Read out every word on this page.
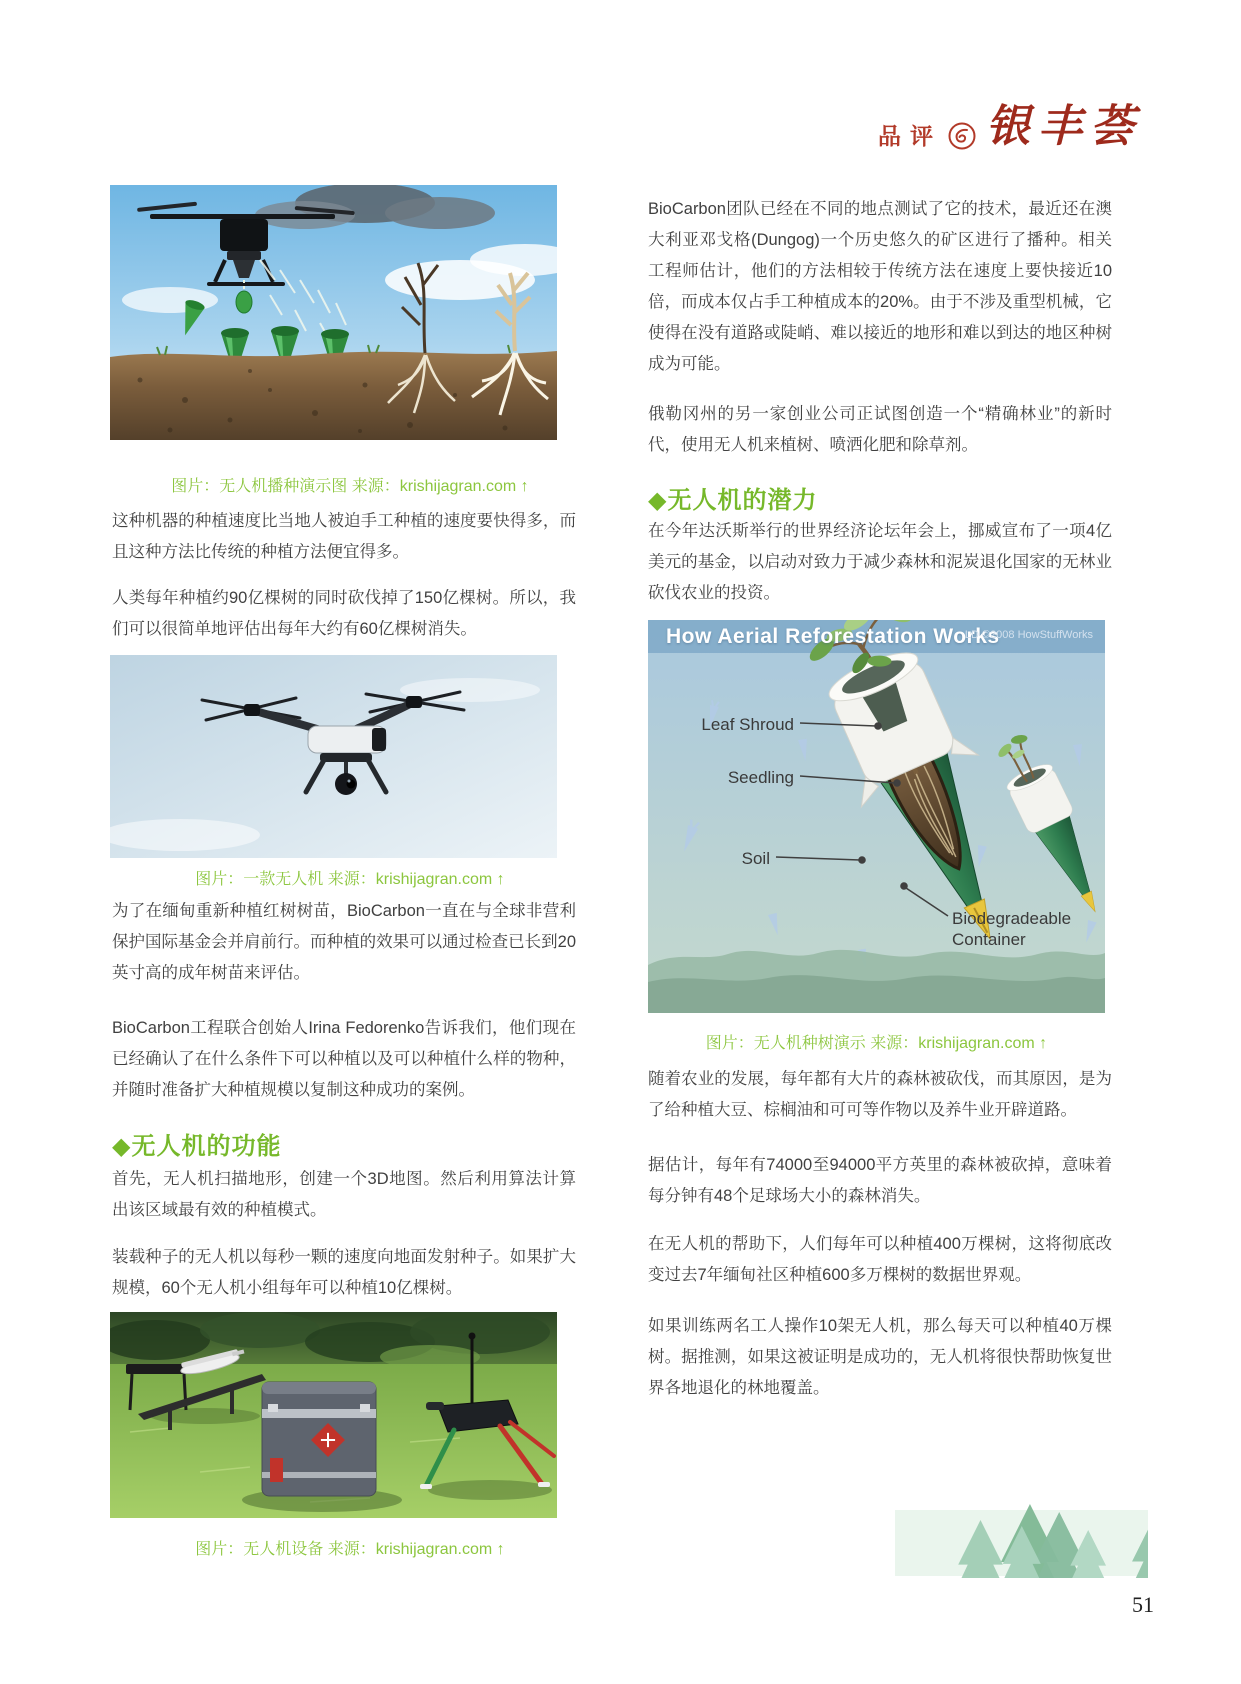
品评 银丰荟
图片：无人机播种演示图 来源：krishijagran.com ↑
这种机器的种植速度比当地人被迫手工种植的速度要快得多，而且这种方法比传统的种植方法便宜得多。
人类每年种植约90亿棵树的同时砍伐掉了150亿棵树。所以，我们可以很简单地评估出每年大约有60亿棵树消失。
图片：一款无人机 来源：krishijagran.com ↑
为了在缅甸重新种植红树树苗，BioCarbon一直在与全球非营利保护国际基金会并肩前行。而种植的效果可以通过检查已长到20英寸高的成年树苗来评估。
BioCarbon工程联合创始人Irina Fedorenko告诉我们，他们现在已经确认了在什么条件下可以种植以及可以种植什么样的物种，并随时准备扩大种植规模以复制这种成功的案例。
◆无人机的功能
首先，无人机扫描地形，创建一个3D地图。然后利用算法计算出该区域最有效的种植模式。
装载种子的无人机以每秒一颗的速度向地面发射种子。如果扩大规模，60个无人机小组每年可以种植10亿棵树。
图片：无人机设备 来源：krishijagran.com ↑
BioCarbon团队已经在不同的地点测试了它的技术，最近还在澳大利亚邓戈格(Dungog)一个历史悠久的矿区进行了播种。相关工程师估计，他们的方法相较于传统方法在速度上要快接近10倍，而成本仅占手工种植成本的20%。由于不涉及重型机械，它使得在没有道路或陡峭、难以接近的地形和难以到达的地区种树成为可能。
俄勒冈州的另一家创业公司正试图创造一个“精确林业”的新时代，使用无人机来植树、喷洒化肥和除草剂。
◆无人机的潜力
在今年达沃斯举行的世界经济论坛年会上，挪威宣布了一项4亿美元的基金，以启动对致力于减少森林和泥炭退化国家的无林业砍伐农业的投资。
How Aerial Reforestation Works
LD ©2008 HowStuffWorks
Leaf Shroud
Seedling
Soil
Biodegradeable Container
图片：无人机种树演示 来源：krishijagran.com ↑
随着农业的发展，每年都有大片的森林被砍伐，而其原因，是为了给种植大豆、棕榈油和可可等作物以及养牛业开辟道路。
据估计，每年有74000至94000平方英里的森林被砍掉，意味着每分钟有48个足球场大小的森林消失。
在无人机的帮助下，人们每年可以种植400万棵树，这将彻底改变过去7年缅甸社区种植600多万棵树的数据世界观。
如果训练两名工人操作10架无人机，那么每天可以种植40万棵树。据推测，如果这被证明是成功的，无人机将很快帮助恢复世界各地退化的林地覆盖。
51
